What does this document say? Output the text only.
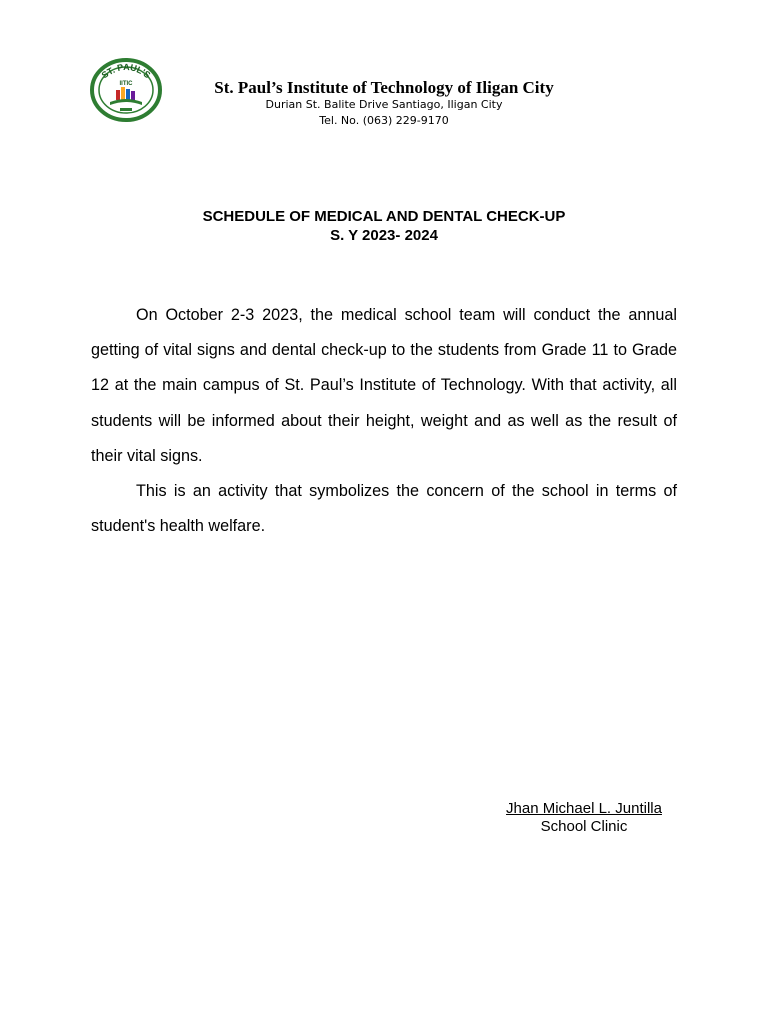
ST. PAUL'S
IITIC	St. Paul’s Institute of Technology of Iligan City
Durian St. Balite Drive Santiago, Iligan City
Tel. No. (063) 229-9170
SCHEDULE OF MEDICAL AND DENTAL CHECK-UP
S. Y 2023- 2024

On October 2-3 2023, the medical school team will conduct the annual getting of vital signs and dental check-up to the students from Grade 11 to Grade 12 at the main campus of St. Paul’s Institute of Technology. With that activity, all students will be informed about their height, weight and as well as the result of their vital signs.

This is an activity that symbolizes the concern of the school in terms of student's health welfare.

Jhan Michael L. Juntilla
School Clinic
